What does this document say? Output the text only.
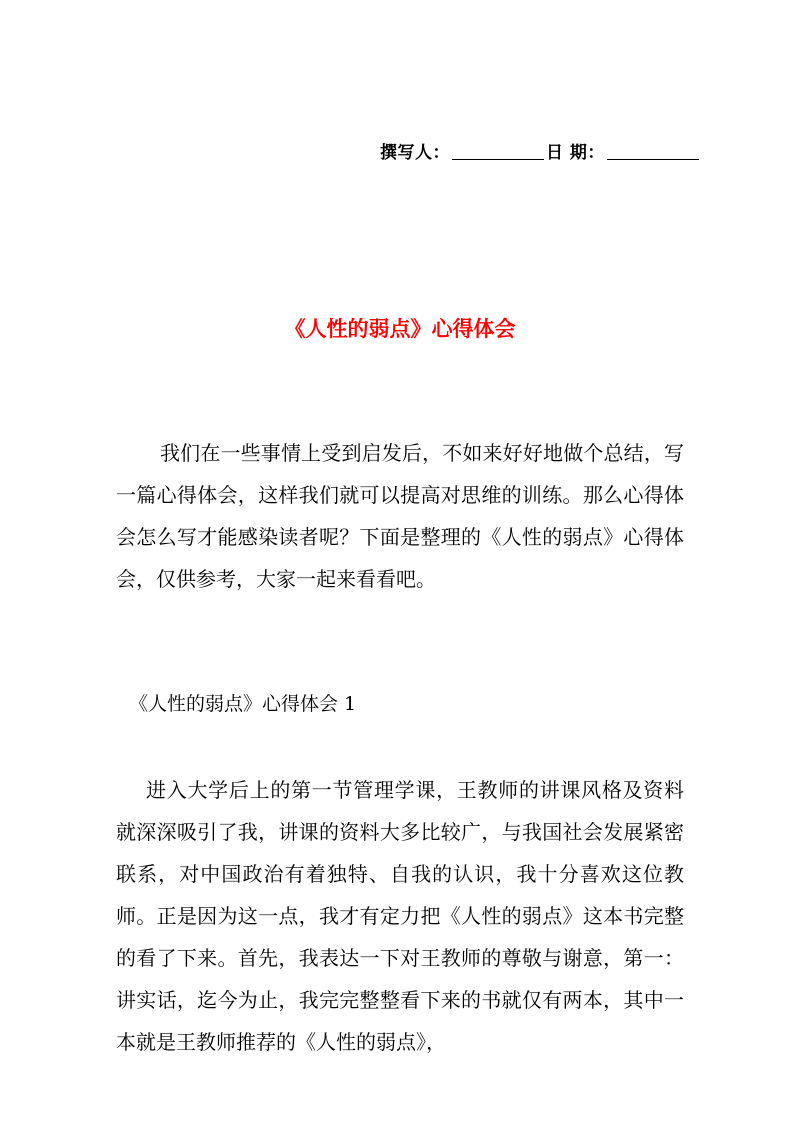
撰写人：	日 期：
《人性的弱点》心得体会
我们在一些事情上受到启发后，不如来好好地做个总结，写一篇心得体会，这样我们就可以提高对思维的训练。那么心得体会怎么写才能感染读者呢？下面是整理的《人性的弱点》心得体会，仅供参考，大家一起来看看吧。
《人性的弱点》心得体会 1
进入大学后上的第一节管理学课，王教师的讲课风格及资料就深深吸引了我，讲课的资料大多比较广，与我国社会发展紧密联系，对中国政治有着独特、自我的认识，我十分喜欢这位教师。正是因为这一点，我才有定力把《人性的弱点》这本书完整的看了下来。首先，我表达一下对王教师的尊敬与谢意，第一：讲实话，迄今为止，我完完整整看下来的书就仅有两本，其中一本就是王教师推荐的《人性的弱点》，
